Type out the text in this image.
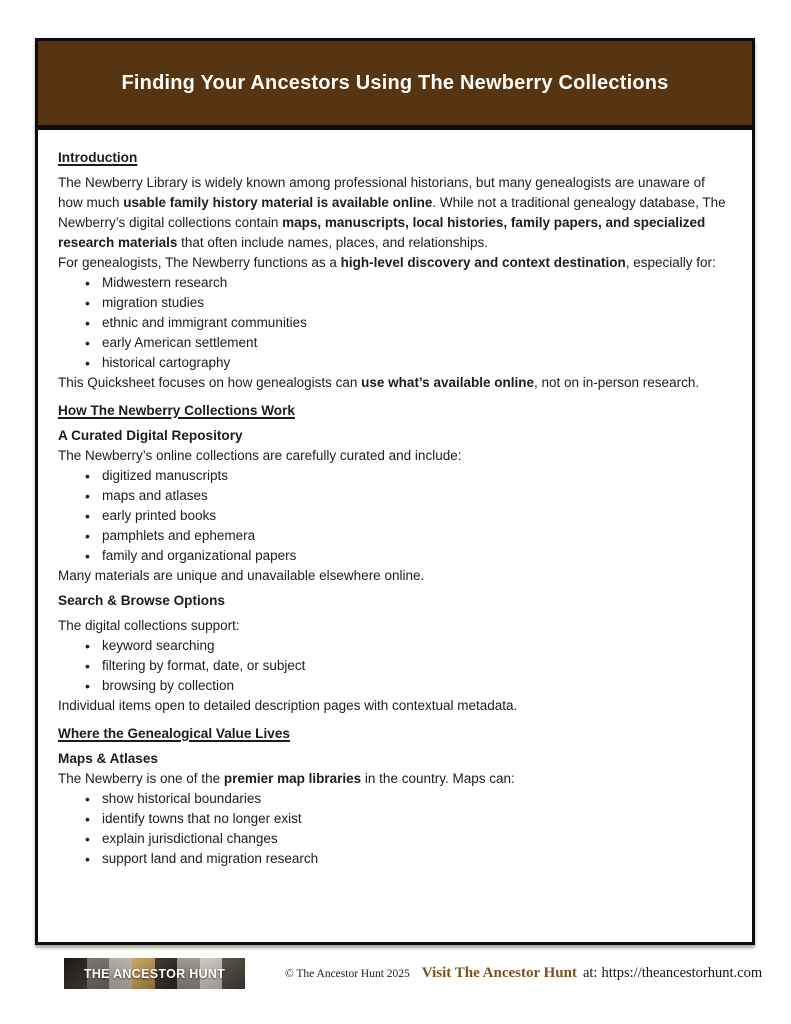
Finding Your Ancestors Using The Newberry Collections
Introduction

The Newberry Library is widely known among professional historians, but many genealogists are unaware of how much usable family history material is available online. While not a traditional genealogy database, The Newberry’s digital collections contain maps, manuscripts, local histories, family papers, and specialized research materials that often include names, places, and relationships.

For genealogists, The Newberry functions as a high-level discovery and context destination, especially for:

• Midwestern research
• migration studies
• ethnic and immigrant communities
• early American settlement
• historical cartography

This Quicksheet focuses on how genealogists can use what’s available online, not on in-person research.

How The Newberry Collections Work
A Curated Digital Repository

The Newberry’s online collections are carefully curated and include:

• digitized manuscripts
• maps and atlases
• early printed books
• pamphlets and ephemera
• family and organizational papers

Many materials are unique and unavailable elsewhere online.

Search & Browse Options

The digital collections support:

• keyword searching
• filtering by format, date, or subject
• browsing by collection

Individual items open to detailed description pages with contextual metadata.

Where the Genealogical Value Lives
Maps & Atlases

The Newberry is one of the premier map libraries in the country. Maps can:

• show historical boundaries
• identify towns that no longer exist
• explain jurisdictional changes
• support land and migration research
THE ANCESTOR HUNT	© The Ancestor Hunt 2025 Visit The Ancestor Hunt at: https://theancestorhunt.com
